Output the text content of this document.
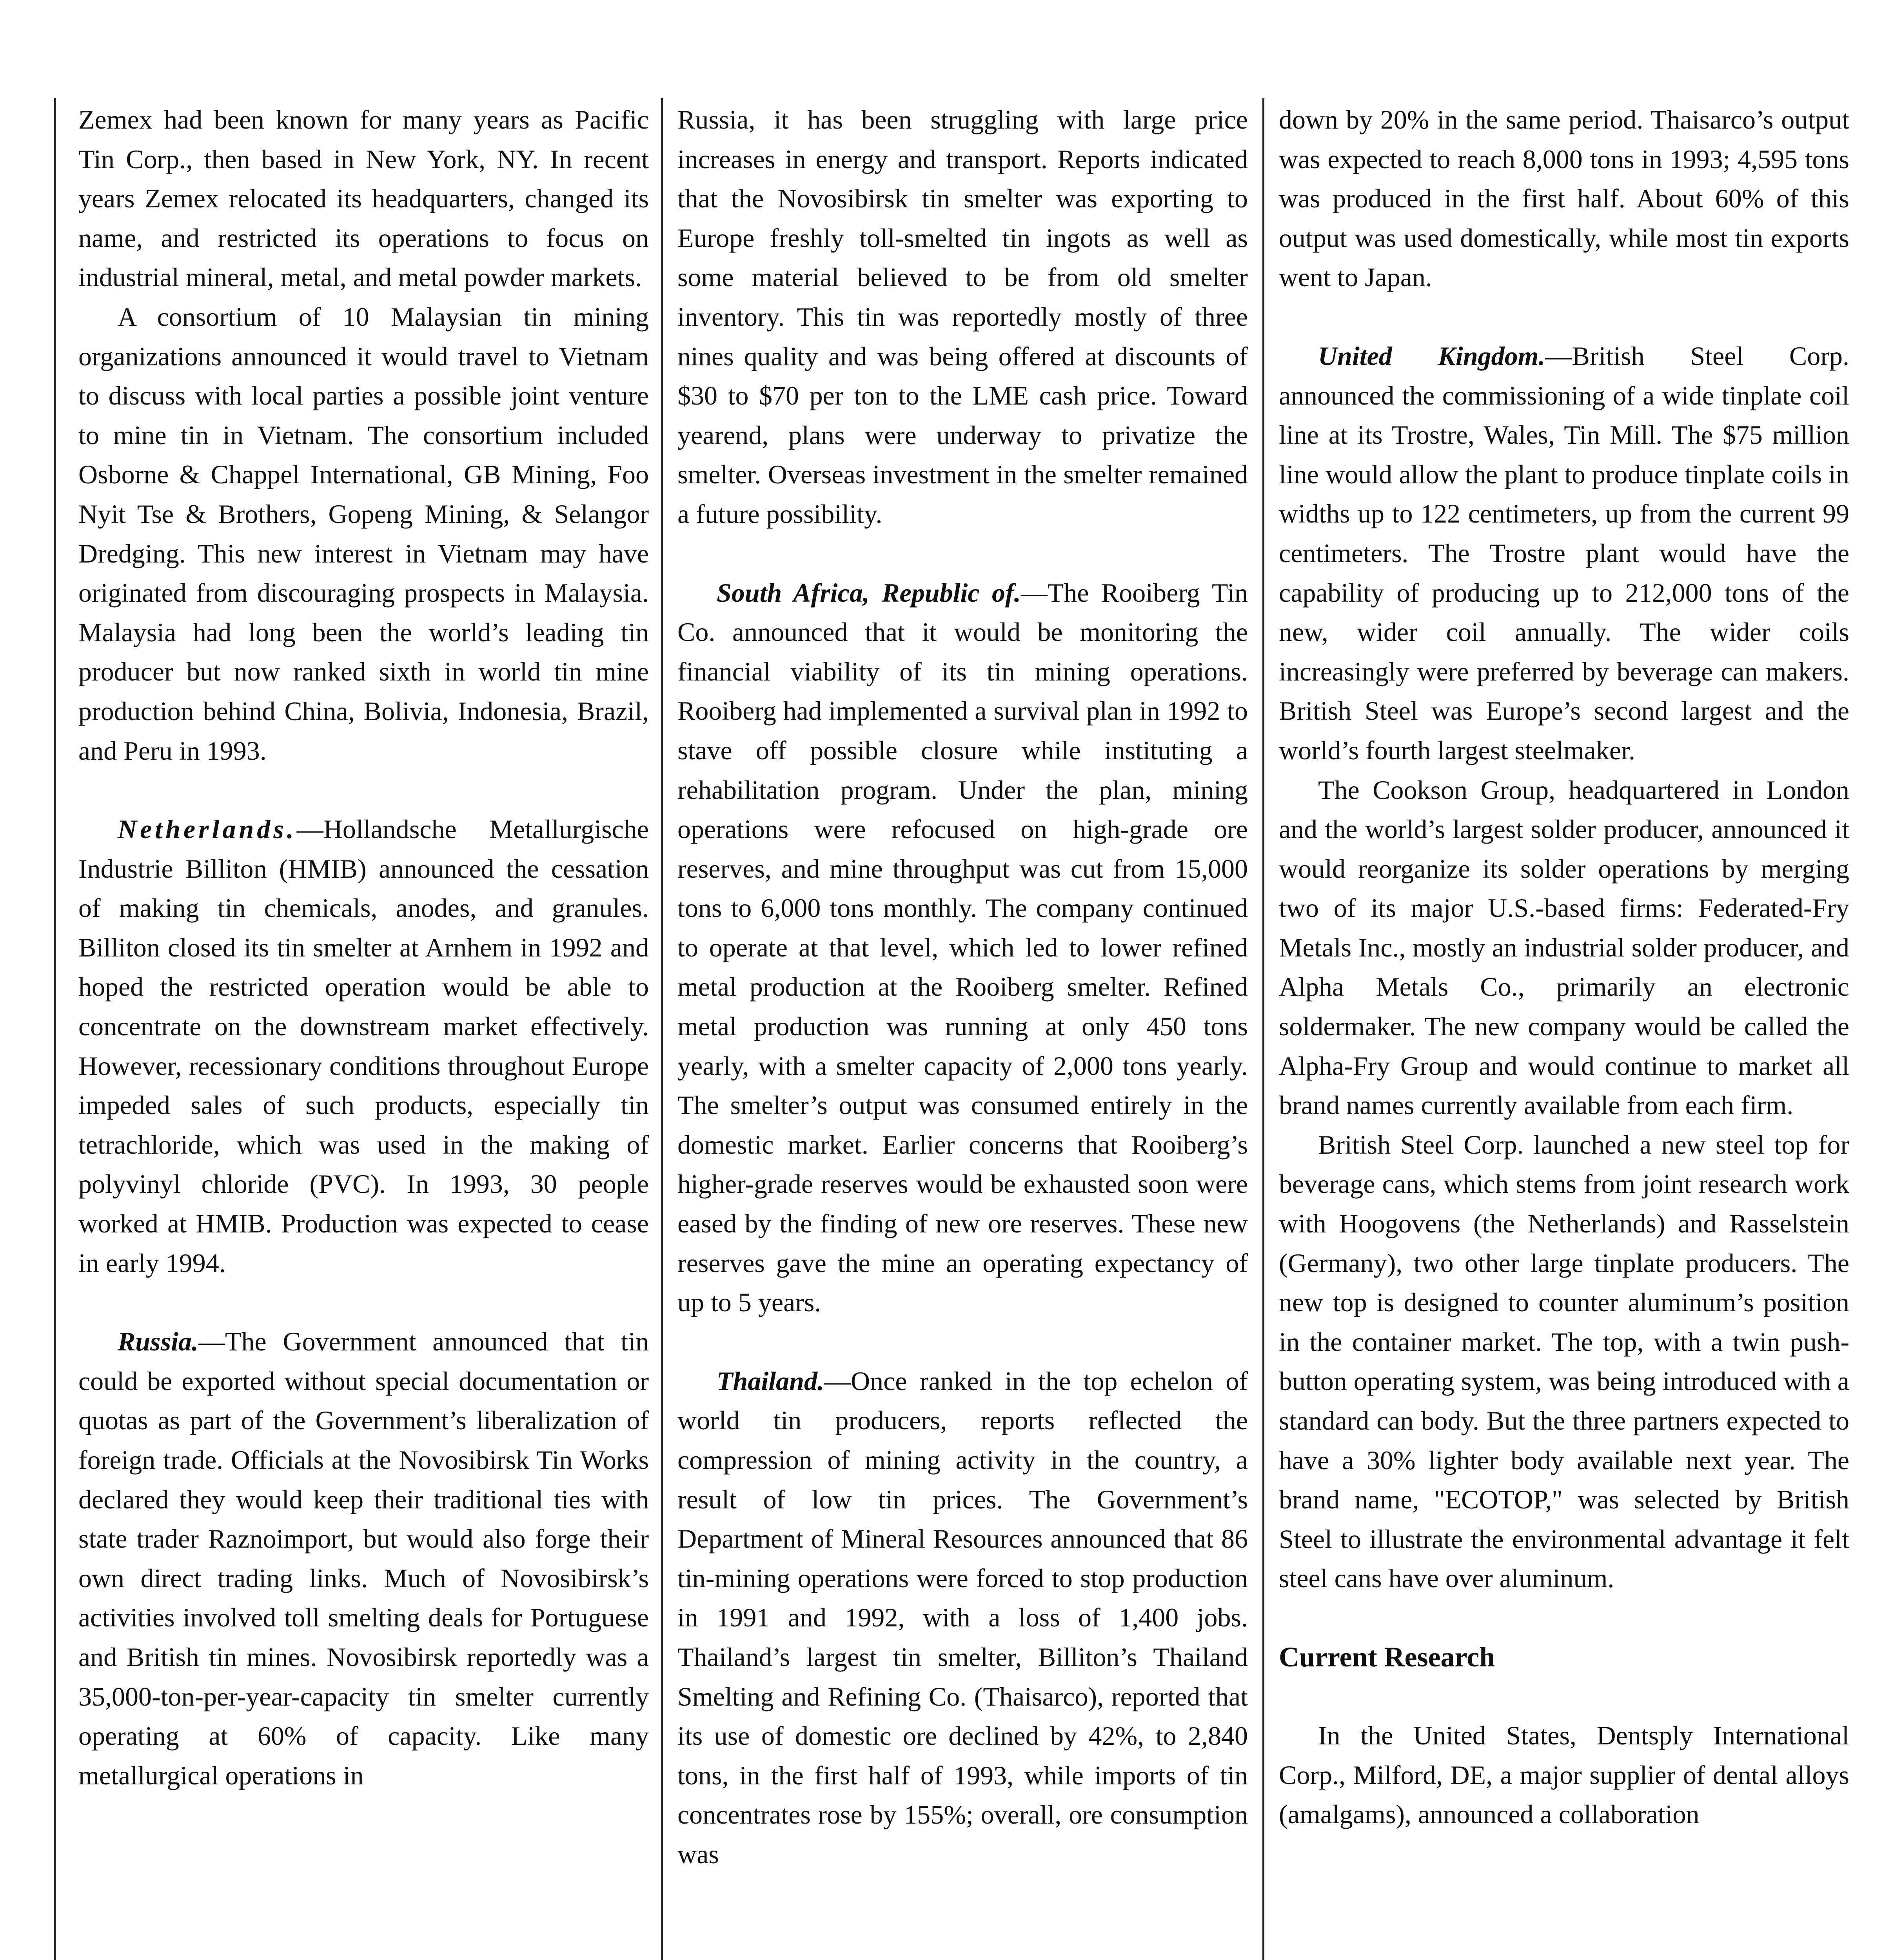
Zemex had been known for many years as Pacific Tin Corp., then based in New York, NY. In recent years Zemex relocated its headquarters, changed its name, and restricted its operations to focus on industrial mineral, metal, and metal powder markets.

A consortium of 10 Malaysian tin mining organizations announced it would travel to Vietnam to discuss with local parties a possible joint venture to mine tin in Vietnam. The consortium included Osborne & Chappel International, GB Mining, Foo Nyit Tse & Brothers, Gopeng Mining, & Selangor Dredging. This new interest in Vietnam may have originated from discouraging prospects in Malaysia. Malaysia had long been the world’s leading tin producer but now ranked sixth in world tin mine production behind China, Bolivia, Indonesia, Brazil, and Peru in 1993.

Netherlands.—Hollandsche Metallurgische Industrie Billiton (HMIB) announced the cessation of making tin chemicals, anodes, and granules. Billiton closed its tin smelter at Arnhem in 1992 and hoped the restricted operation would be able to concentrate on the downstream market effectively. However, recessionary conditions throughout Europe impeded sales of such products, especially tin tetrachloride, which was used in the making of polyvinyl chloride (PVC). In 1993, 30 people worked at HMIB. Production was expected to cease in early 1994.

Russia.—The Government announced that tin could be exported without special documentation or quotas as part of the Government’s liberalization of foreign trade. Officials at the Novosibirsk Tin Works declared they would keep their traditional ties with state trader Raznoimport, but would also forge their own direct trading links. Much of Novosibirsk’s activities involved toll smelting deals for Portuguese and British tin mines. Novosibirsk reportedly was a 35,000-ton-per-year-capacity tin smelter currently operating at 60% of capacity. Like many metallurgical operations in

Russia, it has been struggling with large price increases in energy and transport. Reports indicated that the Novosibirsk tin smelter was exporting to Europe freshly toll-smelted tin ingots as well as some material believed to be from old smelter inventory. This tin was reportedly mostly of three nines quality and was being offered at discounts of $30 to $70 per ton to the LME cash price. Toward yearend, plans were underway to privatize the smelter. Overseas investment in the smelter remained a future possibility.

South Africa, Republic of.—The Rooiberg Tin Co. announced that it would be monitoring the financial viability of its tin mining operations. Rooiberg had implemented a survival plan in 1992 to stave off possible closure while instituting a rehabilitation program. Under the plan, mining operations were refocused on high-grade ore reserves, and mine throughput was cut from 15,000 tons to 6,000 tons monthly. The company continued to operate at that level, which led to lower refined metal production at the Rooiberg smelter. Refined metal production was running at only 450 tons yearly, with a smelter capacity of 2,000 tons yearly. The smelter’s output was consumed entirely in the domestic market. Earlier concerns that Rooiberg’s higher-grade reserves would be exhausted soon were eased by the finding of new ore reserves. These new reserves gave the mine an operating expectancy of up to 5 years.

Thailand.—Once ranked in the top echelon of world tin producers, reports reflected the compression of mining activity in the country, a result of low tin prices. The Government’s Department of Mineral Resources announced that 86 tin-mining operations were forced to stop production in 1991 and 1992, with a loss of 1,400 jobs. Thailand’s largest tin smelter, Billiton’s Thailand Smelting and Refining Co. (Thaisarco), reported that its use of domestic ore declined by 42%, to 2,840 tons, in the first half of 1993, while imports of tin concentrates rose by 155%; overall, ore consumption was

down by 20% in the same period. Thaisarco’s output was expected to reach 8,000 tons in 1993; 4,595 tons was produced in the first half. About 60% of this output was used domestically, while most tin exports went to Japan.

United Kingdom.—British Steel Corp. announced the commissioning of a wide tinplate coil line at its Trostre, Wales, Tin Mill. The $75 million line would allow the plant to produce tinplate coils in widths up to 122 centimeters, up from the current 99 centimeters. The Trostre plant would have the capability of producing up to 212,000 tons of the new, wider coil annually. The wider coils increasingly were preferred by beverage can makers. British Steel was Europe’s second largest and the world’s fourth largest steelmaker.

The Cookson Group, headquartered in London and the world’s largest solder producer, announced it would reorganize its solder operations by merging two of its major U.S.-based firms: Federated-Fry Metals Inc., mostly an industrial solder producer, and Alpha Metals Co., primarily an electronic soldermaker. The new company would be called the Alpha-Fry Group and would continue to market all brand names currently available from each firm.

British Steel Corp. launched a new steel top for beverage cans, which stems from joint research work with Hoogovens (the Netherlands) and Rasselstein (Germany), two other large tinplate producers. The new top is designed to counter aluminum’s position in the container market. The top, with a twin push-button operating system, was being introduced with a standard can body. But the three partners expected to have a 30% lighter body available next year. The brand name, "ECOTOP," was selected by British Steel to illustrate the environmental advantage it felt steel cans have over aluminum.

Current Research

In the United States, Dentsply International Corp., Milford, DE, a major supplier of dental alloys (amalgams), announced a collaboration
